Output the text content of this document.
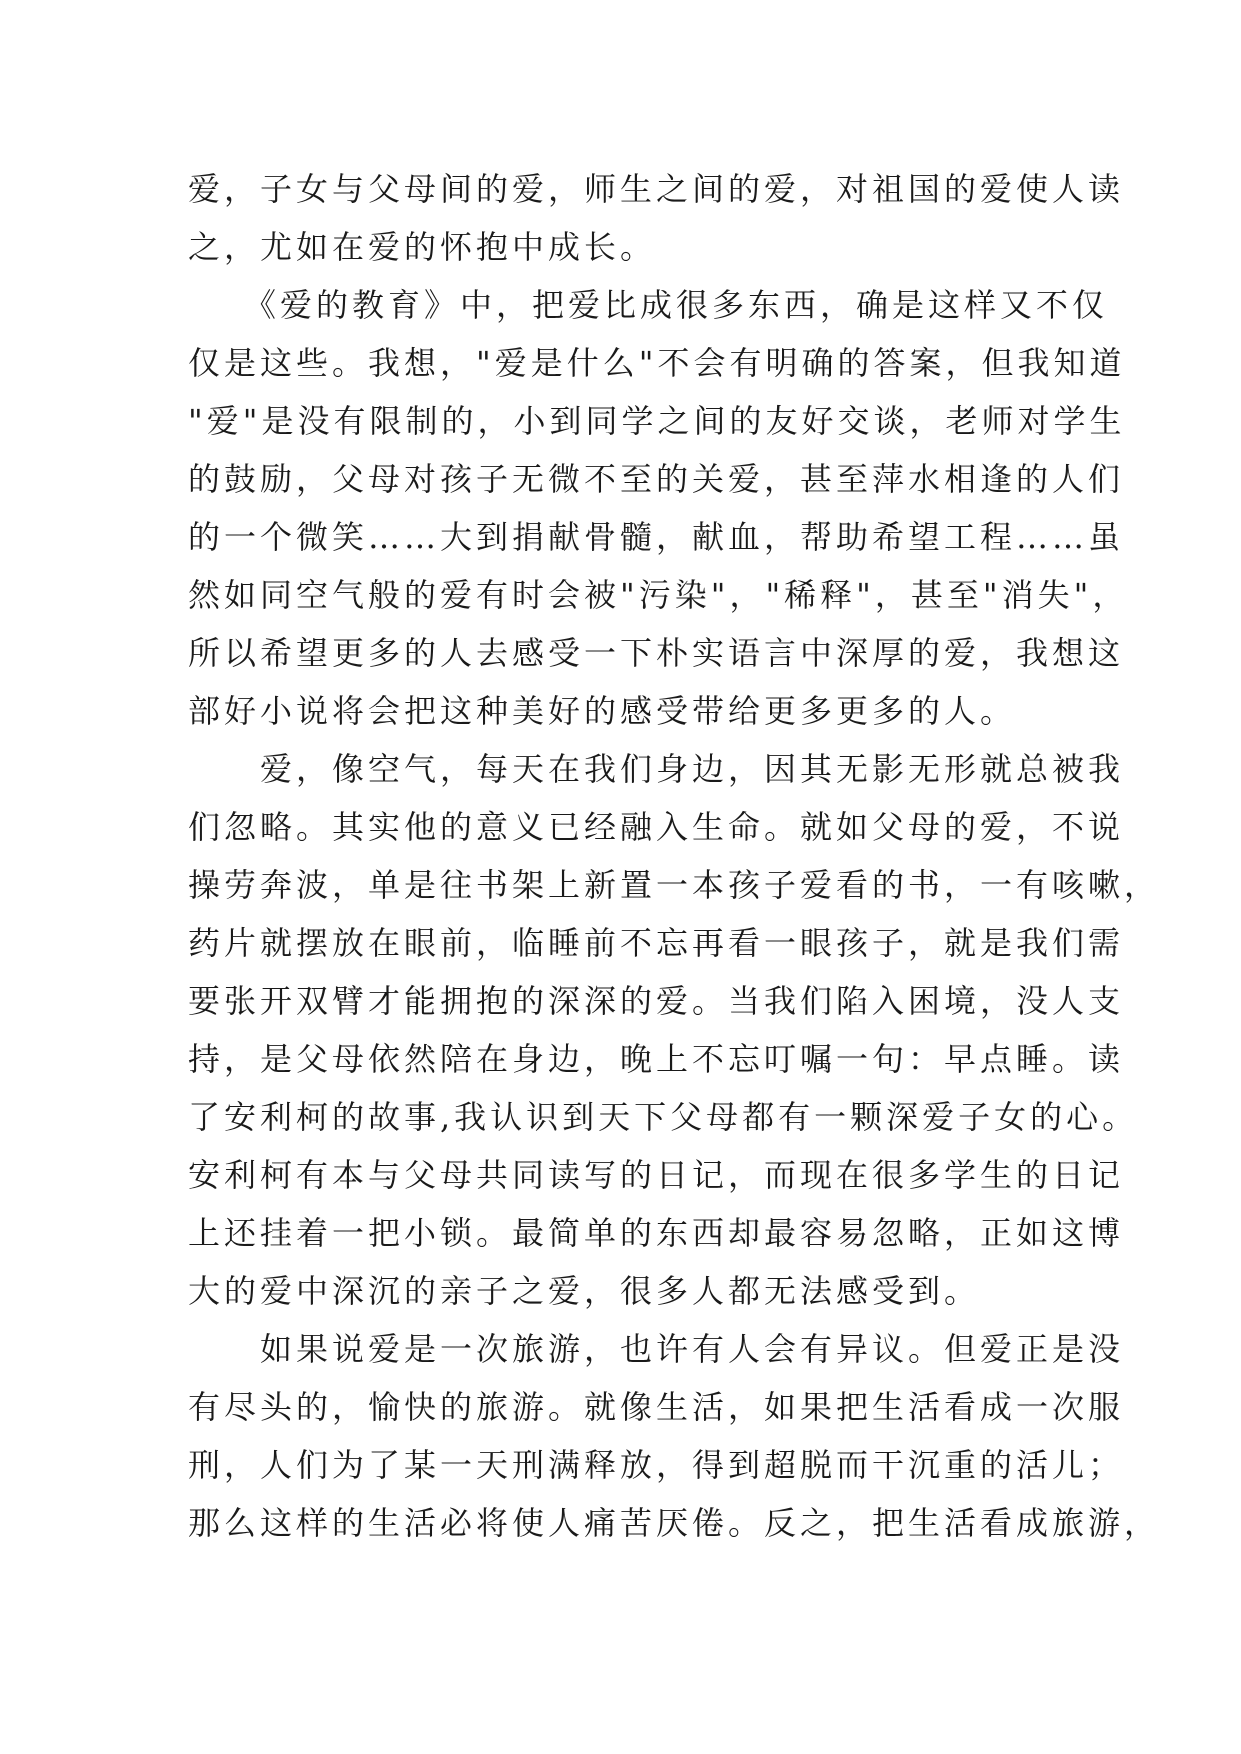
爱，子女与父母间的爱，师生之间的爱，对祖国的爱使人读
之，尤如在爱的怀抱中成长。
　　《爱的教育》中，把爱比成很多东西，确是这样又不仅
仅是这些。我想，"爱是什么"不会有明确的答案，但我知道
"爱"是没有限制的，小到同学之间的友好交谈，老师对学生
的鼓励，父母对孩子无微不至的关爱，甚至萍水相逢的人们
的一个微笑……大到捐献骨髓，献血，帮助希望工程……虽
然如同空气般的爱有时会被"污染"，"稀释"，甚至"消失"，
所以希望更多的人去感受一下朴实语言中深厚的爱，我想这
部好小说将会把这种美好的感受带给更多更多的人。
　　爱，像空气，每天在我们身边，因其无影无形就总被我
们忽略。其实他的意义已经融入生命。就如父母的爱，不说
操劳奔波，单是往书架上新置一本孩子爱看的书，一有咳嗽，
药片就摆放在眼前，临睡前不忘再看一眼孩子，就是我们需
要张开双臂才能拥抱的深深的爱。当我们陷入困境，没人支
持，是父母依然陪在身边，晚上不忘叮嘱一句：早点睡。读
了安利柯的故事,我认识到天下父母都有一颗深爱子女的心。
安利柯有本与父母共同读写的日记，而现在很多学生的日记
上还挂着一把小锁。最简单的东西却最容易忽略，正如这博
大的爱中深沉的亲子之爱，很多人都无法感受到。
　　如果说爱是一次旅游，也许有人会有异议。但爱正是没
有尽头的，愉快的旅游。就像生活，如果把生活看成一次服
刑，人们为了某一天刑满释放，得到超脱而干沉重的活儿；
那么这样的生活必将使人痛苦厌倦。反之，把生活看成旅游，
